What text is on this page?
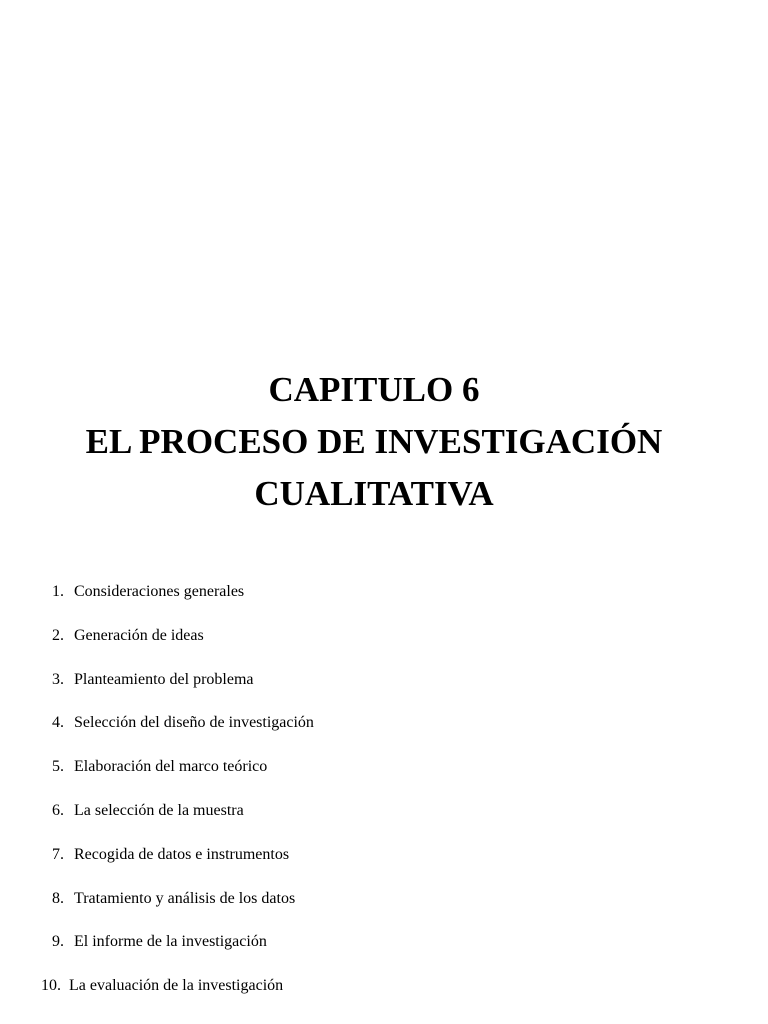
CAPITULO 6
EL PROCESO DE INVESTIGACIÓN
CUALITATIVA
1. Consideraciones generales
2. Generación de ideas
3. Planteamiento del problema
4. Selección del diseño de investigación
5. Elaboración del marco teórico
6. La selección de la muestra
7. Recogida de datos e instrumentos
8. Tratamiento y análisis de los datos
9. El informe de la investigación
10. La evaluación de la investigación
